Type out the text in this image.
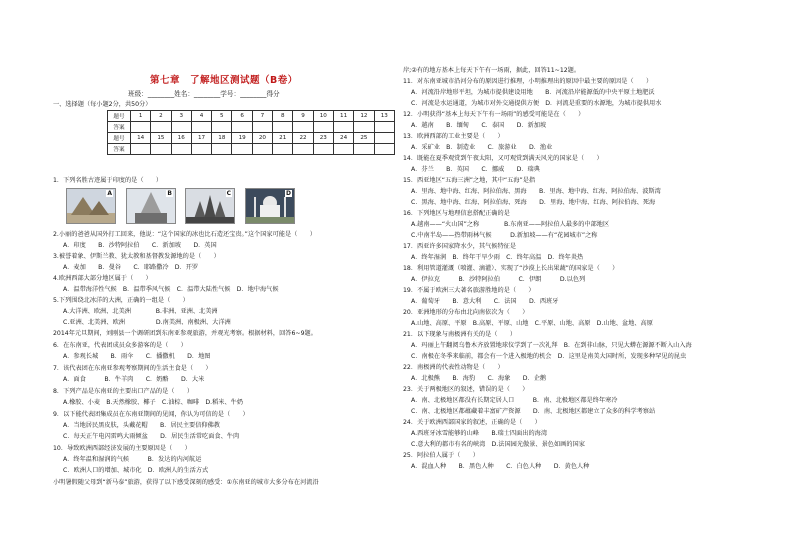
第七章　了解地区测试题（B卷）
班级：________姓名：________学号：________得分
一、选择题（每小题2分，共50分）
题号	1	2	3	4	5	6	7	8	9	10	11	12	13
答案													
题号	14	15	16	17	18	19	20	21	22	23	24	25	
答案													
1．下列名胜古迹属于印度的是（　　）
A	B	C	D
2.小丽的爸爸从国外打工回来，他说：“这个国家的冰也比石造还宝贵。”这个国家可能是（　　）
A．印度　　B．沙特阿拉伯　　C．新加坡　　D．英国
3.被誉着象、伊斯兰教、犹太教和基督教发源地的是（　　）
A．麦加　　B．曼谷　　C．耶路撒冷　D．开罗
4.欧洲西部大部分地区属于（　　）
A．温带海洋性气候　B．温带季风气候　C．温带大陆性气候　D．地中海气候
5.下列围绕北冰洋的大洲，正确的一组是（　　）
A.大洋洲、欧洲、北美洲　　　　B.非洲、亚洲、北美洲
C.亚洲、北美洲、欧洲　　　　　D.南美洲、南极洲、大洋洲
2014年元旦期间，刘刚县一个调研团到东南亚参观旅游，并观光考察。根据材料，回答6~9题。
6．在东南亚，代表团成员众多游客的是（　　）
A．参观长城　　B．雨伞　　C．播撒机　　D．地图
7．该代表团在东南亚参观考察期间的生活主食是（　　）
A．面食　　　B．牛羊肉　　C．奶酪　　D．大米
8．下列产品是东南亚的主要出口产品的是（　　）
A.橡胶、小麦　B.天然橡胶、椰子　C.油棕、咖啡　D.稻米、牛奶
9．以下能代表团集成员在东南亚期间的见闻，你认为可信的是（　　）
A．当地居民黑皮肤，头戴花帽　　B．居民主要信仰佛教
C．每天正午电闪雷鸣大雨倾盆　　D．居民生活常吃面食、牛肉
10．导致欧洲西部经济发展的主要原因是（　　）
A．终年温和湿润的气候　　　B．发达的内河航运
C．欧洲人口的增加、城市化　D．欧洲人的生活方式
小明暑假随父母到“新马泰”旅游，获得了以下感受深刻的感受：①东南亚的城市大多分布在河流沿
岸;②有的地方基本上每天下午有一场雨，据此，回答11~12题。
11．对东南亚城市沿河分布的原因进行推理，小明推理出的原因中最主要的原因是（　　）
A．河流沿岸地形平坦，为城市提供建设用地　　B．河流沿岸能源低的中央平原土地肥沃
C．河流是水运通道，为城市对外交通提供方便　D．河流是重要的水源地，为城市提供用水
12．小明获得“基本上每天下午有一场雨”的感受可能是在（　　）
A．越南　　B．缅甸　　C．泰国　　D．新加坡
13．欧洲西部的工业主要是（　　）
A．采矿业　B．制造业　　C．旅游业　　D．渔业
14．既能在夏季观赏到午夜太阳，又可观赏到满天风光的国家是（　　）
A．芬兰　　B．英国　　C．挪威　　D．瑞典
15．西亚地区“五海三洲”之地，其中“五海”是指
A．里海、地中海、红海、阿拉伯海、黑海　　B．里海、地中海、红海、阿拉伯海、波斯湾
C．黑海、地中海、红海、阿拉伯海、死海　　D．里海、地中海、红海、阿拉伯海、死海
16．下列地区与地理信息搭配正确的是
A.越南——“火山国”之称　　　　B.东南亚——阿拉伯人最多的中部地区
C.中南半岛——热带雨林气候　　　D.新加坡——有“花园城市”之称
17．西亚许多国家降水少，其气候特征是
A．终年湿润　B．终年干旱少雨　C．终年高温　D．终年炎热
18．利用管道灌溉（喷灌、滴灌）、实现了“沙漠上长出果蔬”的国家是（　　）
A．伊拉克　　　B．沙特阿拉伯　　　C．伊朗　　　D.以色列
19．不属于欧洲三大著名旅游胜地的是（　　）
A．葡萄牙　　B．意大利　　C．法国　　D．西班牙
20．亚洲地形的分布由北向南依次为（　　）
A.山地、高原、平原　B.高原、平原、山地　C.平原、山地、高原　D.山地、盆地、高原
21．以下现象与南极洲有关的是（　　）
A．玛丽上午翻阅乌鲁木齐放置地球仪学到了一次礼拜　B．在到非山脉，只见大蟒在源源不断入山入海
C．南极在冬季来临前，都会有一个进入极地的机会　D．这里是南美大国时所，发现多种罕见的昆虫
22．南极洲的代表性动物是（　　）
A．北极熊　　B．海豹　　C．海象　　D．企鹅
23．关于两极地区的叙述，错误的是（　　）
A．南、北极地区都没有长期定居人口　　　B．南、北极地区都是终年寒冷
C．南、北极地区都蕴藏着丰富矿产资源　　D．南、北极地区都建立了众多的科学考察站
24．关于欧洲西部国家的叙述，正确的是（　　）
A.西班牙冰雪能够的山峰　　B.瑞士四面出的海湾
C.意大利的都市有名的峡湾　D.法国园光傲景、景色如画的国家
25．阿拉伯人属于（　　）
A．混血人种　　B．黑色人种　　C．白色人种　　D．黄色人种
